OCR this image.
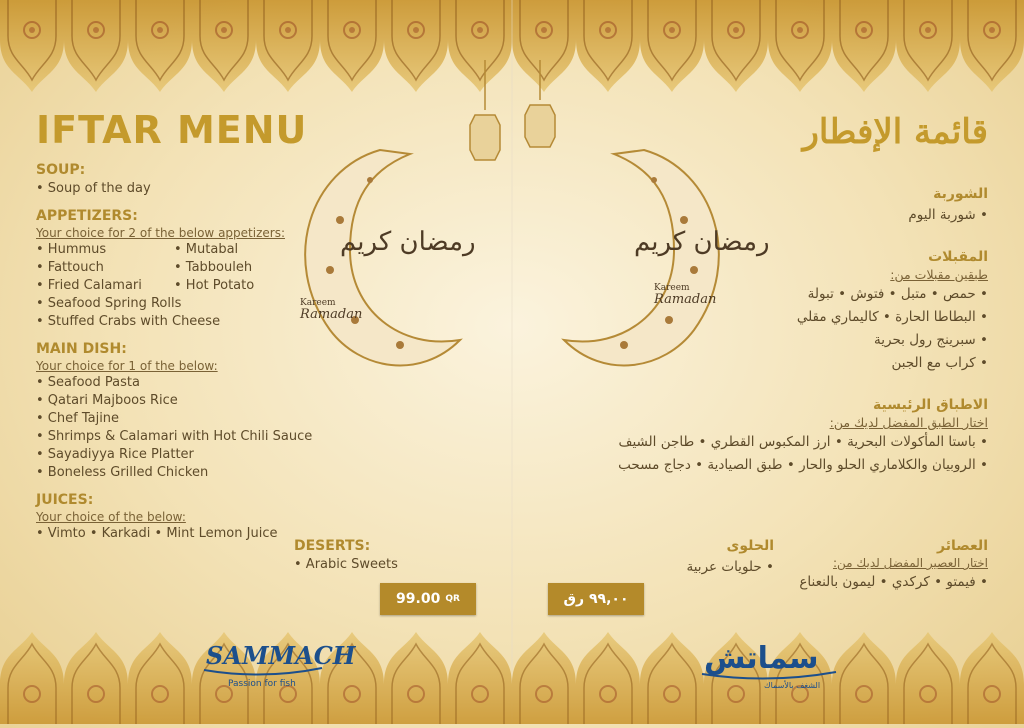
رمضان كريم
Kareem
Ramadan
رمضان كريم
Kareem
Ramadan
IFTAR MENU
SOUP:
• Soup of the day
APPETIZERS:
Your choice for 2 of the below appetizers:
• Hummus	• Mutabal
• Fattouch	• Tabbouleh
• Fried Calamari	• Hot Potato
• Seafood Spring Rolls
• Stuffed Crabs with Cheese
MAIN DISH:
Your choice for 1 of the below:
• Seafood Pasta
• Qatari Majboos Rice
• Chef Tajine
• Shrimps & Calamari with Hot Chili Sauce
• Sayadiyya Rice Platter
• Boneless Grilled Chicken
JUICES:
Your choice of the below:
• Vimto • Karkadi • Mint Lemon Juice
DESERTS:
• Arabic Sweets
99.00 QR
قائمة الإفطار
الشوربة
• شوربة اليوم
المقبلات
طبقين مقبلات من:
• حمص • متبل • فتوش • تبولة
• البطاطا الحارة • كاليماري مقلي
• سبرينج رول بحرية
• كراب مع الجبن
الاطباق الرئيسية
اختار الطبق المفضل لديك من:
• باستا المأكولات البحرية • ارز المكبوس القطري • طاجن الشيف
• الروبيان والكلاماري الحلو والحار • طبق الصيادية • دجاج مسحب
العصائر
اختار العصير المفضل لديك من:
• فيمتو • كركدي • ليمون بالنعناع
الحلوى
• حلويات عربية
٩٩,٠٠ رق
SAMMACH
Passion for fish
سماتش
الشغف بالأسماك
